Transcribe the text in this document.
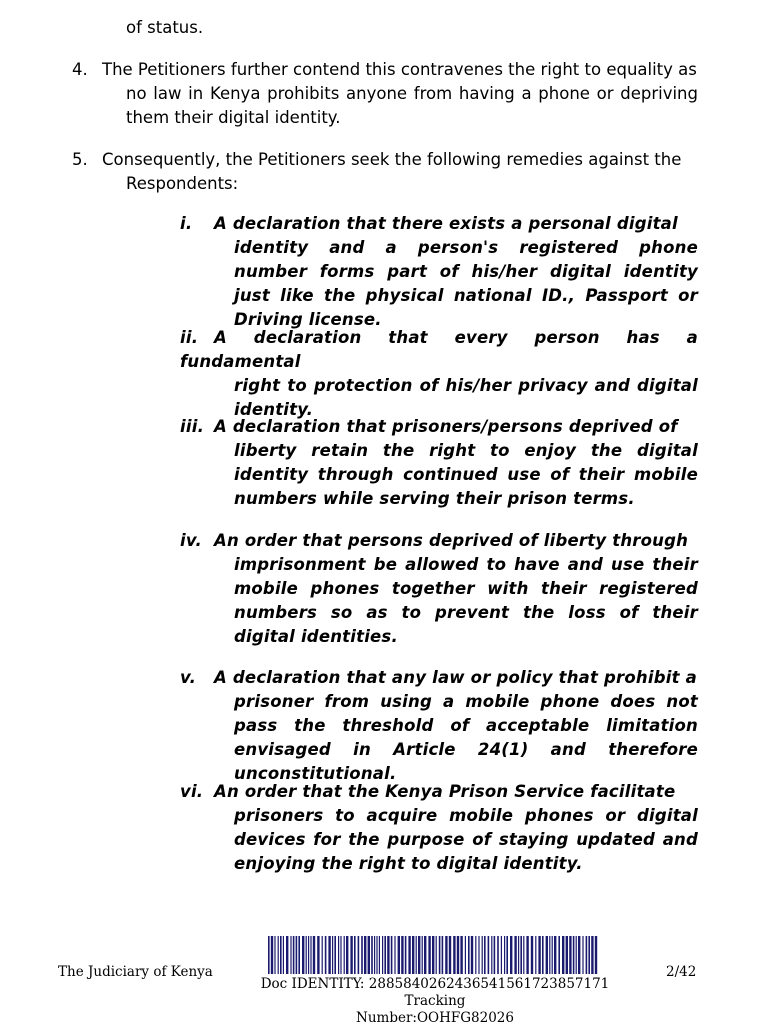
of status.
4. The Petitioners further contend this contravenes the right to equality as
no law in Kenya prohibits anyone from having a phone or depriving them their digital identity.
5. Consequently, the Petitioners seek the following remedies against the
Respondents:
i. A declaration that there exists a personal digital
identity and a person's registered phone number forms part of his/her digital identity just like the physical national ID., Passport or Driving license.
ii. A declaration that every person has a fundamental
right to protection of his/her privacy and digital identity.
iii. A declaration that prisoners/persons deprived of
liberty retain the right to enjoy the digital identity through continued use of their mobile numbers while serving their prison terms.
iv. An order that persons deprived of liberty through
imprisonment be allowed to have and use their mobile phones together with their registered numbers so as to prevent the loss of their digital identities.
v. A declaration that any law or policy that prohibit a
prisoner from using a mobile phone does not pass the threshold of acceptable limitation envisaged in Article 24(1) and therefore unconstitutional.
vi. An order that the Kenya Prison Service facilitate
prisoners to acquire mobile phones or digital devices for the purpose of staying updated and enjoying the right to digital identity.
The Judiciary of Kenya	2/42
Doc IDENTITY: 28858402624365415617238571​71 Tracking
Number:OOHFG82026
